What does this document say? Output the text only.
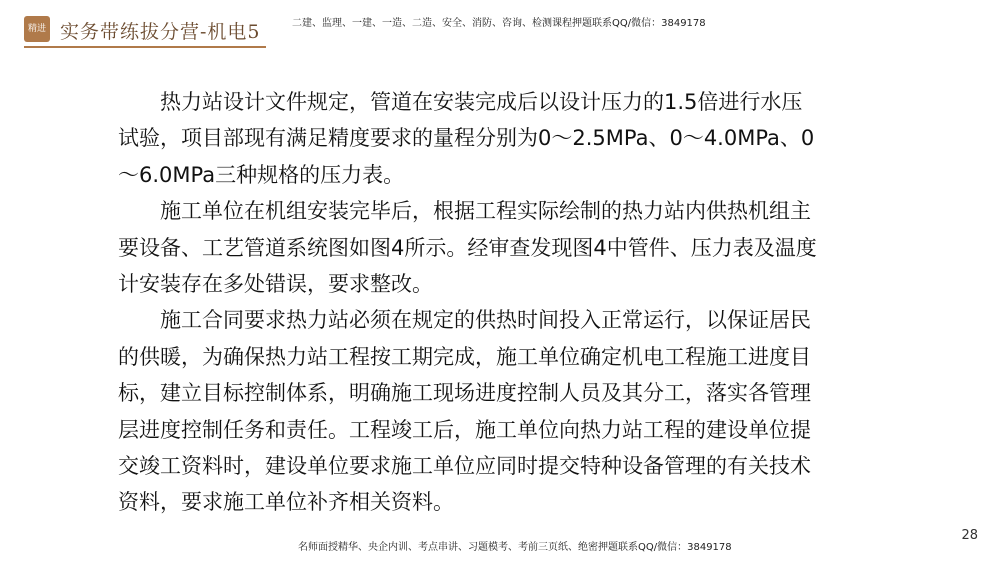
精进 实务带练拔分营-机电5	二建、监理、一建、一造、二造、安全、消防、咨询、检测课程押题联系QQ/微信：3849178

热力站设计文件规定，管道在安装完成后以设计压力的1.5倍进行水压试验，项目部现有满足精度要求的量程分别为0～2.5MPa、0～4.0MPa、0～6.0MPa三种规格的压力表。

施工单位在机组安装完毕后，根据工程实际绘制的热力站内供热机组主要设备、工艺管道系统图如图4所示。经审查发现图4中管件、压力表及温度计安装存在多处错误，要求整改。

施工合同要求热力站必须在规定的供热时间投入正常运行，以保证居民的供暖，为确保热力站工程按工期完成，施工单位确定机电工程施工进度目标，建立目标控制体系，明确施工现场进度控制人员及其分工，落实各管理层进度控制任务和责任。工程竣工后，施工单位向热力站工程的建设单位提交竣工资料时，建设单位要求施工单位应同时提交特种设备管理的有关技术资料，要求施工单位补齐相关资料。

名师面授精华、央企内训、考点串讲、习题模考、考前三页纸、绝密押题联系QQ/微信：3849178
28
